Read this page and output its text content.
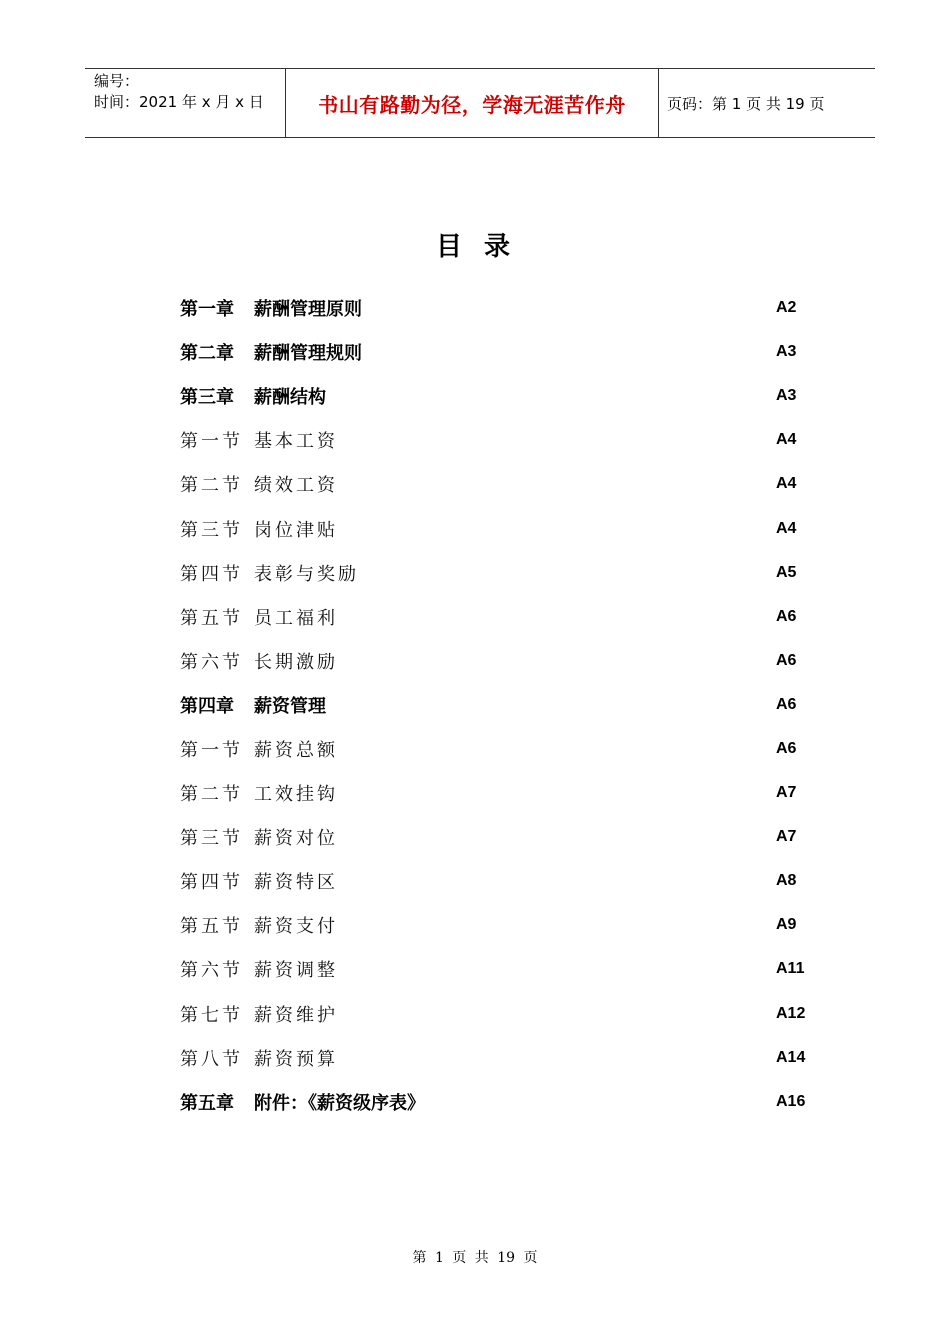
编号：
时间：2021 年 x 月 x 日	书山有路勤为径，学海无涯苦作舟	页码：第 1 页 共 19 页
目录
第一章	薪酬管理原则	A2
第二章	薪酬管理规则	A3
第三章	薪酬结构	A3
第一节 基本工资	A4
第二节 绩效工资	A4
第三节 岗位津贴	A4
第四节 表彰与奖励	A5
第五节 员工福利	A6
第六节 长期激励	A6
第四章	薪资管理	A6
第一节 薪资总额	A6
第二节 工效挂钩	A7
第三节 薪资对位	A7
第四节 薪资特区	A8
第五节 薪资支付	A9
第六节 薪资调整	A11
第七节 薪资维护	A12
第八节 薪资预算	A14
第五章	附件：《薪资级序表》	A16
第 1 页 共 19 页
